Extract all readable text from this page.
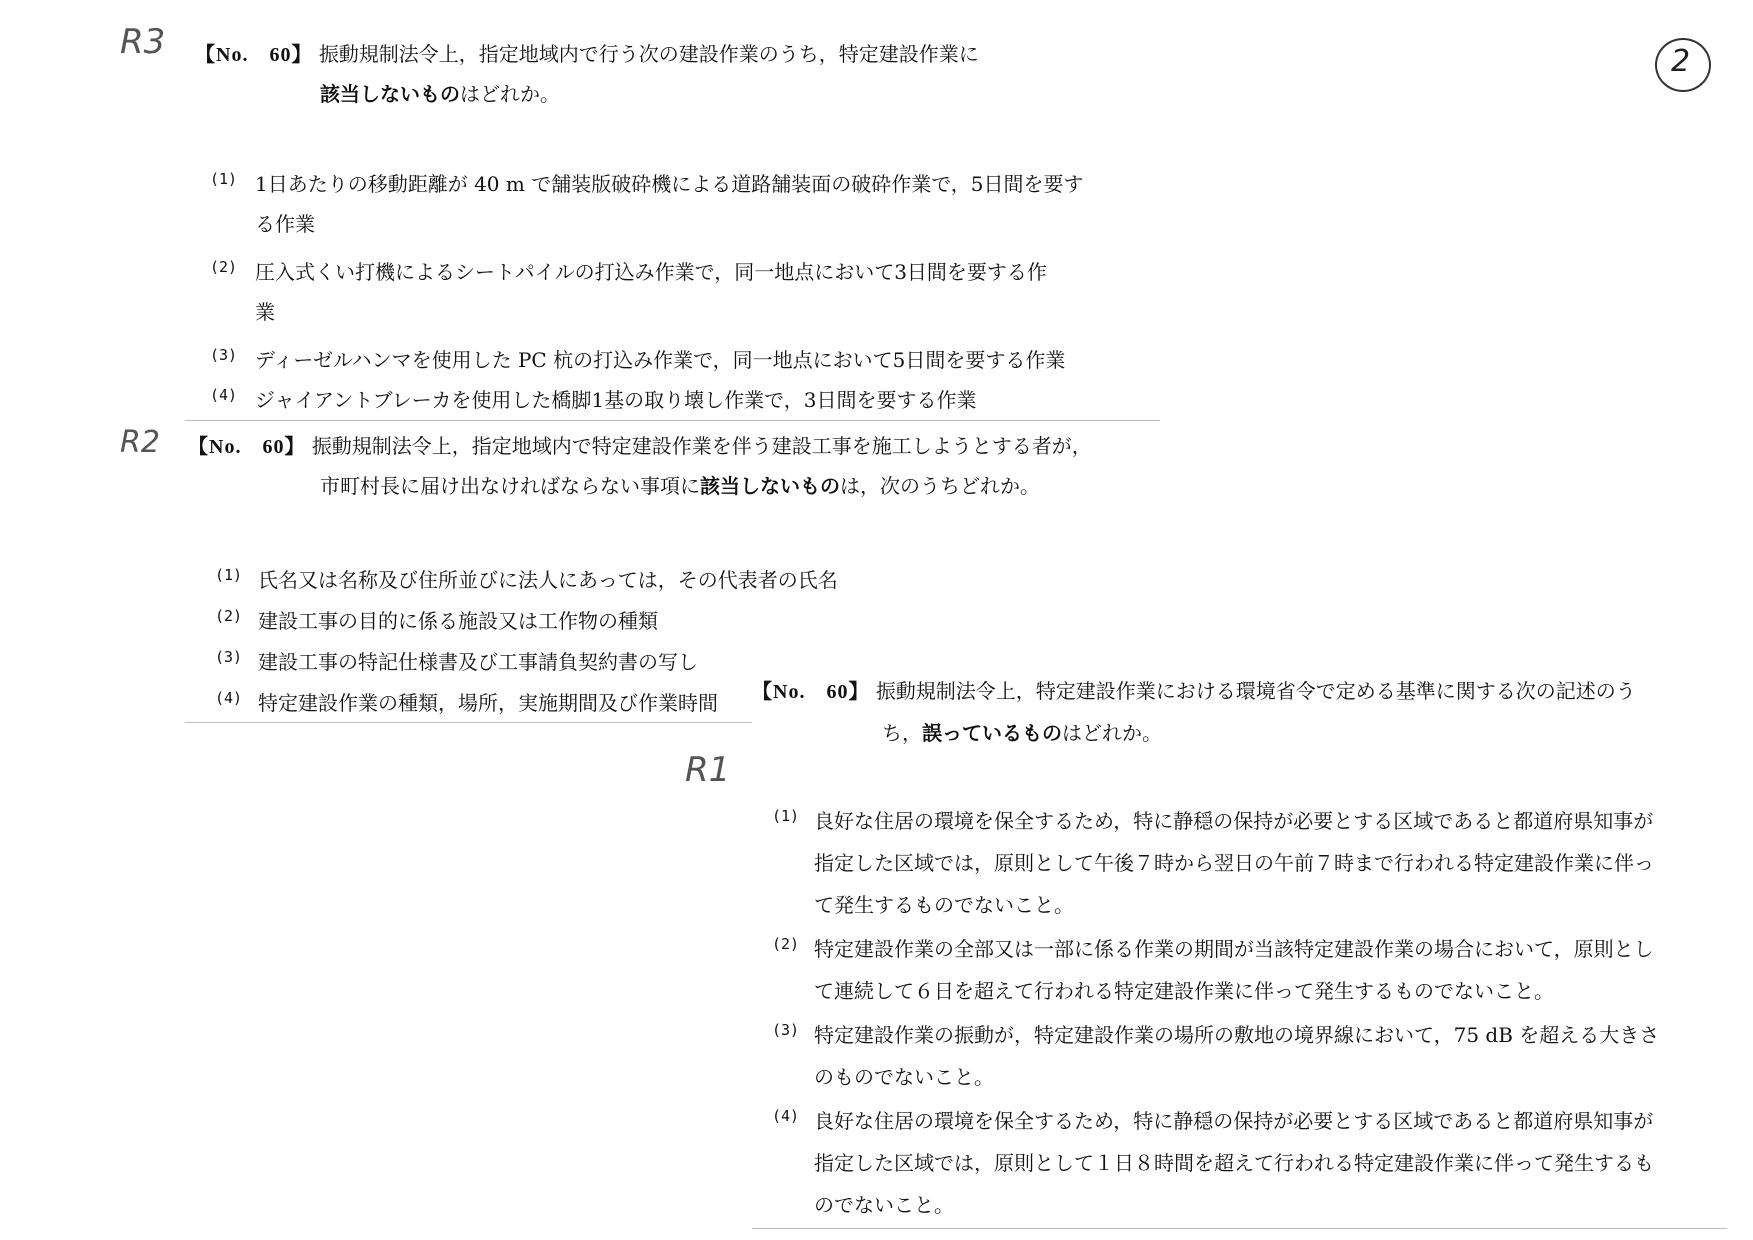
R3
R2
R1
2
【No.　60】 振動規制法令上，指定地域内で行う次の建設作業のうち，特定建設作業に
該当しないものはどれか。
(1) 1日あたりの移動距離が 40 m で舗装版破砕機による道路舗装面の破砕作業で，5日間を要す
る作業
(2) 圧入式くい打機によるシートパイルの打込み作業で，同一地点において3日間を要する作
業
(3) ディーゼルハンマを使用した PC 杭の打込み作業で，同一地点において5日間を要する作業
(4) ジャイアントブレーカを使用した橋脚1基の取り壊し作業で，3日間を要する作業
【No.　60】 振動規制法令上，指定地域内で特定建設作業を伴う建設工事を施工しようとする者が，
市町村長に届け出なければならない事項に該当しないものは，次のうちどれか。
(1) 氏名又は名称及び住所並びに法人にあっては，その代表者の氏名
(2) 建設工事の目的に係る施設又は工作物の種類
(3) 建設工事の特記仕様書及び工事請負契約書の写し
(4) 特定建設作業の種類，場所，実施期間及び作業時間 【No.　60】 振動規制法令上，特定建設作業における環境省令で定める基準に関する次の記述のう
ち，誤っているものはどれか。
(1) 良好な住居の環境を保全するため，特に静穏の保持が必要とする区域であると都道府県知事が
指定した区域では，原則として午後７時から翌日の午前７時まで行われる特定建設作業に伴っ
て発生するものでないこと。
(2) 特定建設作業の全部又は一部に係る作業の期間が当該特定建設作業の場合において，原則とし
て連続して６日を超えて行われる特定建設作業に伴って発生するものでないこと。
(3) 特定建設作業の振動が，特定建設作業の場所の敷地の境界線において，75 dB を超える大きさ
のものでないこと。
(4) 良好な住居の環境を保全するため，特に静穏の保持が必要とする区域であると都道府県知事が
指定した区域では，原則として１日８時間を超えて行われる特定建設作業に伴って発生するも
のでないこと。
